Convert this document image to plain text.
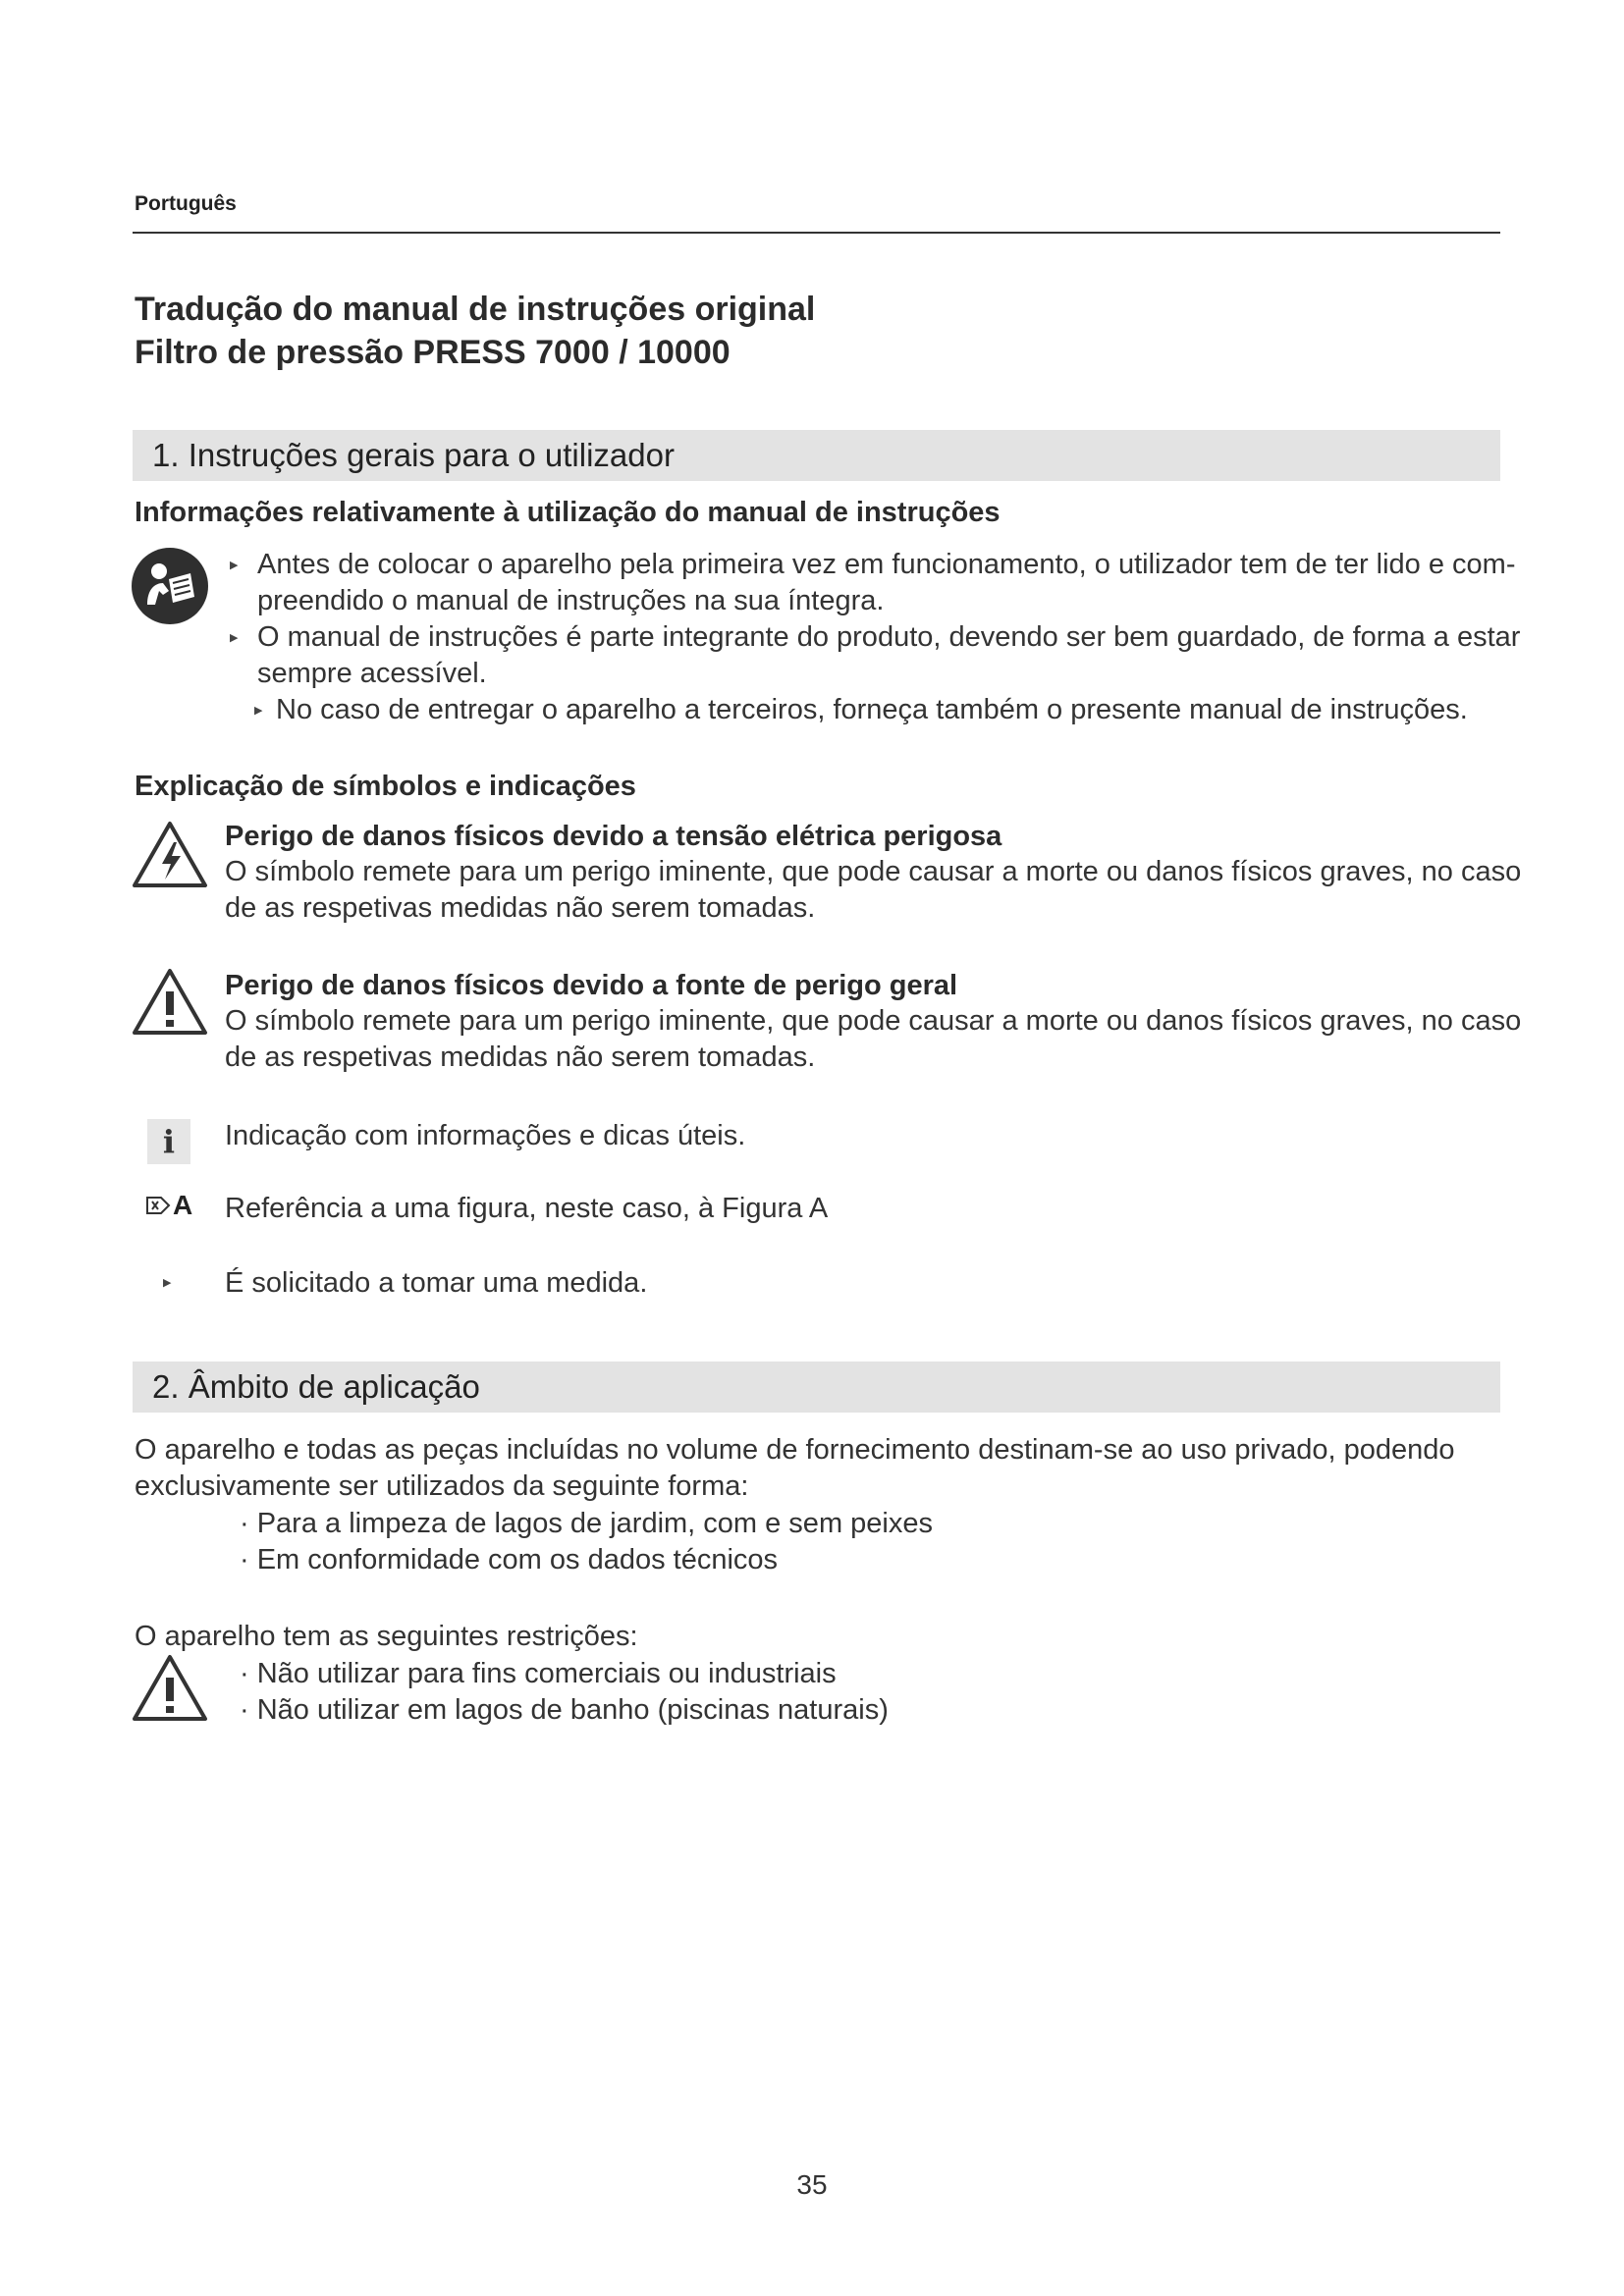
Português
Tradução do manual de instruções original
Filtro de pressão PRESS 7000 / 10000
1. Instruções gerais para o utilizador
Informações relativamente à utilização do manual de instruções
▶ Antes de colocar o aparelho pela primeira vez em funcionamento, o utilizador tem de ter lido e com-
preendido o manual de instruções na sua íntegra.
▶ O manual de instruções é parte integrante do produto, devendo ser bem guardado, de forma a estar
sempre acessível.
▶ No caso de entregar o aparelho a terceiros, forneça também o presente manual de instruções.
Explicação de símbolos e indicações
Perigo de danos físicos devido a tensão elétrica perigosa
O símbolo remete para um perigo iminente, que pode causar a morte ou danos físicos graves, no caso
de as respetivas medidas não serem tomadas.
Perigo de danos físicos devido a fonte de perigo geral
O símbolo remete para um perigo iminente, que pode causar a morte ou danos físicos graves, no caso
de as respetivas medidas não serem tomadas.
i	Indicação com informações e dicas úteis.
A Referência a uma figura, neste caso, à Figura A
▶ É solicitado a tomar uma medida.
2. Âmbito de aplicação
O aparelho e todas as peças incluídas no volume de fornecimento destinam-se ao uso privado, podendo
exclusivamente ser utilizados da seguinte forma:
· Para a limpeza de lagos de jardim, com e sem peixes
· Em conformidade com os dados técnicos
O aparelho tem as seguintes restrições:
· Não utilizar para fins comerciais ou industriais
· Não utilizar em lagos de banho (piscinas naturais)
35
